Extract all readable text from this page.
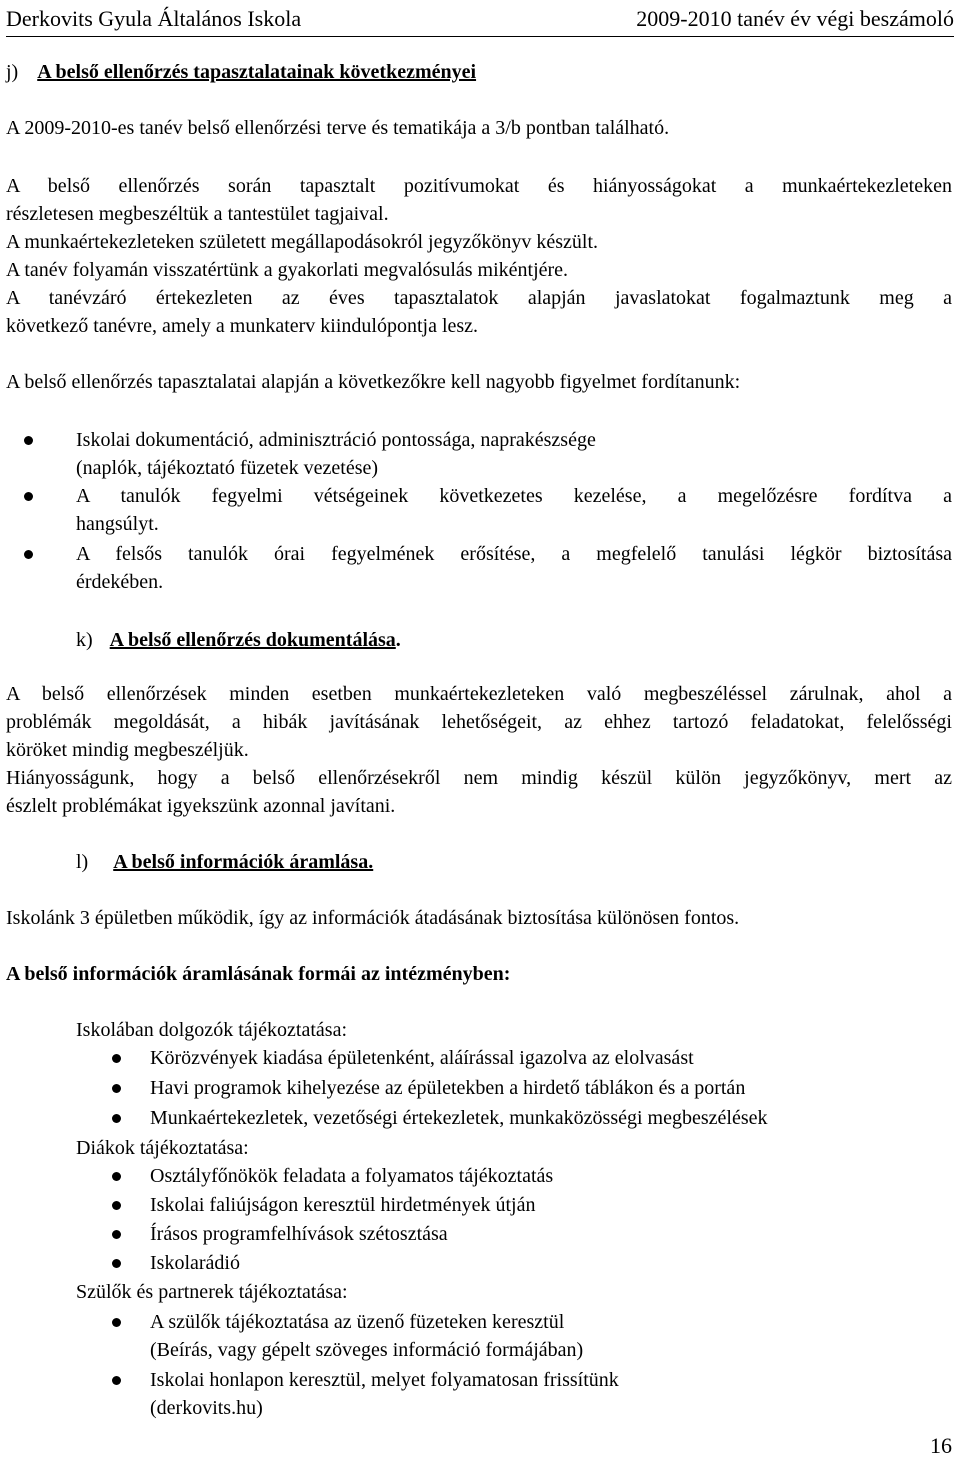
Derkovits Gyula Általános Iskola	2009-2010 tanév év végi beszámoló
j) A belső ellenőrzés tapasztalatainak következményei
A 2009-2010-es tanév belső ellenőrzési terve és tematikája a 3/b pontban található.
A belső ellenőrzés során tapasztalt pozitívumokat és hiányosságokat a munkaértekezleteken
részletesen megbeszéltük a tantestület tagjaival.
A munkaértekezleteken született megállapodásokról jegyzőkönyv készült.
A tanév folyamán visszatértünk a gyakorlati megvalósulás mikéntjére.
A tanévzáró értekezleten az éves tapasztalatok alapján javaslatokat fogalmaztunk meg a
következő tanévre, amely a munkaterv kiindulópontja lesz.
A belső ellenőrzés tapasztalatai alapján a következőkre kell nagyobb figyelmet fordítanunk:
Iskolai dokumentáció, adminisztráció pontossága, naprakészsége
(naplók, tájékoztató füzetek vezetése)
A tanulók fegyelmi vétségeinek következetes kezelése, a megelőzésre fordítva a
hangsúlyt.
A felsős tanulók órai fegyelmének erősítése, a megfelelő tanulási légkör biztosítása
érdekében.
k) A belső ellenőrzés dokumentálása.
A belső ellenőrzések minden esetben munkaértekezleteken való megbeszéléssel zárulnak, ahol a
problémák megoldását, a hibák javításának lehetőségeit, az ehhez tartozó feladatokat, felelősségi
köröket mindig megbeszéljük.
Hiányosságunk, hogy a belső ellenőrzésekről nem mindig készül külön jegyzőkönyv, mert az
észlelt problémákat igyekszünk azonnal javítani.
l) A belső információk áramlása.
Iskolánk 3 épületben működik, így az információk átadásának biztosítása különösen fontos.
A belső információk áramlásának formái az intézményben:
Iskolában dolgozók tájékoztatása:
Körözvények kiadása épületenként, aláírással igazolva az elolvasást
Havi programok kihelyezése az épületekben a hirdető táblákon és a portán
Munkaértekezletek, vezetőségi értekezletek, munkaközösségi megbeszélések
Diákok tájékoztatása:
Osztályfőnökök feladata a folyamatos tájékoztatás
Iskolai faliújságon keresztül hirdetmények útján
Írásos programfelhívások szétosztása
Iskolarádió
Szülők és partnerek tájékoztatása:
A szülők tájékoztatása az üzenő füzeteken keresztül
(Beírás, vagy gépelt szöveges információ formájában)
Iskolai honlapon keresztül, melyet folyamatosan frissítünk
(derkovits.hu)
16
